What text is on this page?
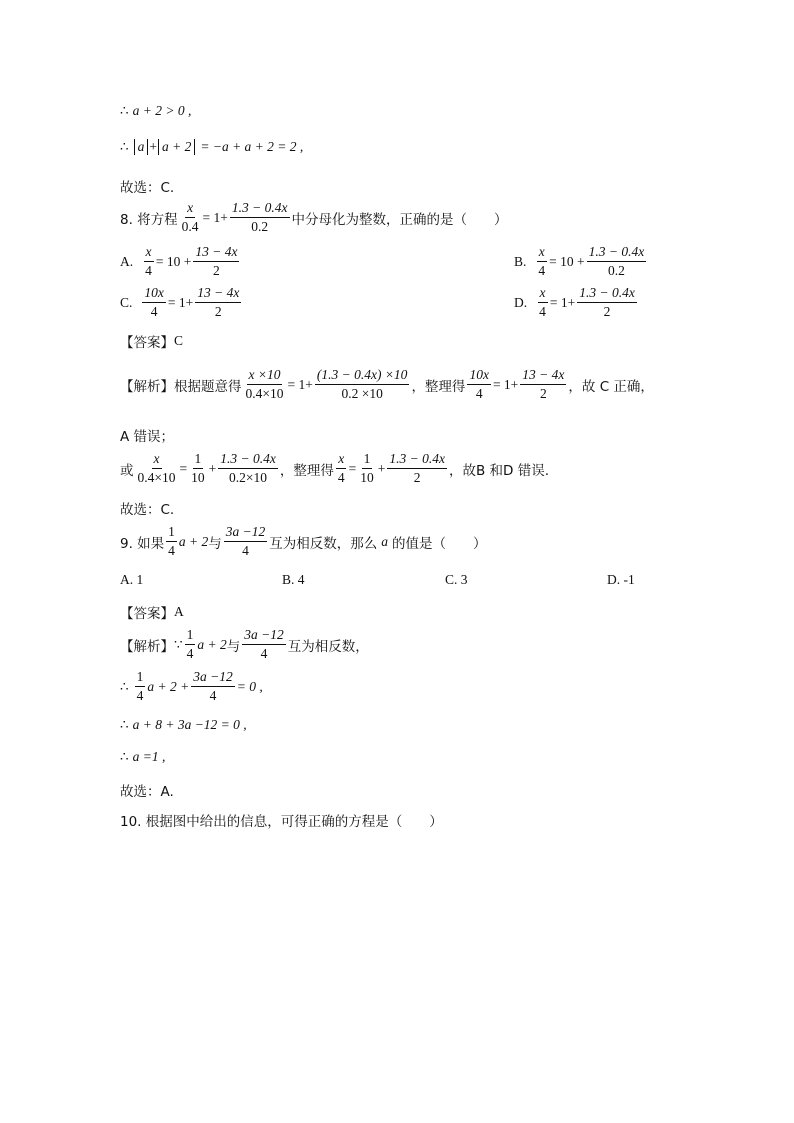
∴ a + 2 > 0 ,
∴ a + a + 2 = −a + a + 2 = 2 ,
故选：C.
8. 将方程 $\frac{x}{0.4} = 1+ \frac{1.3 - 0.4x}{0.2}$ 中分母化为整数，正确的是（　　）
A. $\frac{x}{4} = 10 + \frac{13 - 4x}{2}$	B. $\frac{x}{4} = 10 + \frac{1.3 - 0.4x}{0.2}$
C. $\frac{10x}{4} = 1+ \frac{13 - 4x}{2}$	D. $\frac{x}{4} = 1+ \frac{1.3 - 0.4x}{2}$
【答案】 C
【解析】 根据题意得 $\frac{x \times 10}{0.4\times 10} = 1+ \frac{(1.3 - 0.4x) \times 10}{0.2 \times 10}$ ，整理得 $\frac{10x}{4} = 1+ \frac{13 - 4x}{2}$ ，故 C 正确，
A 错误；
或 $\frac{x}{0.4\times 10} = \frac{1}{10} + \frac{1.3 - 0.4x}{0.2\times 10}$ ，整理得 $\frac{x}{4} = \frac{1}{10} + \frac{1.3 - 0.4x}{2}$ ，故B 和D 错误.
故选：C.
9. 如果 $\frac{1}{4}$ a + 2 与 $\frac{3a -12}{4}$ 互为相反数，那么 a 的值是（　　）
A. 1	B. 4	C. 3	D. -1
【答案】 A
【解析】 ∵ $\frac{1}{4}$ a + 2 与 $\frac{3a -12}{4}$ 互为相反数，
∴ $\frac{1}{4}$ $a + 2 + \frac{3a -12}{4} = 0$ ,
∴ a + 8 + 3a −12 = 0 ,
∴ a =1 ,
故选：A.
10. 根据图中给出的信息，可得正确的方程是（　　）
